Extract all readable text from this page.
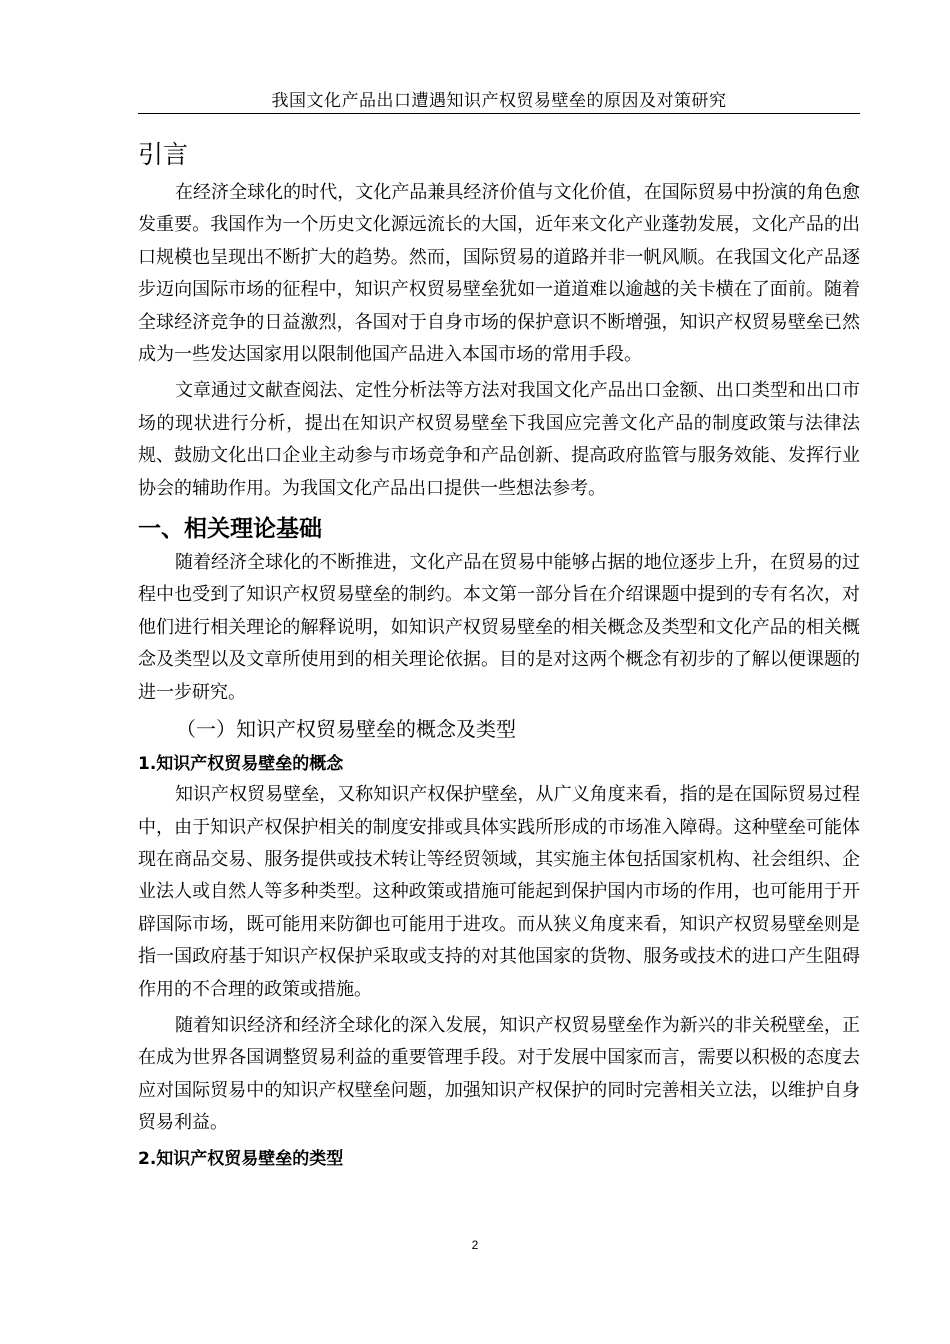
我国文化产品出口遭遇知识产权贸易壁垒的原因及对策研究
引言

在经济全球化的时代，文化产品兼具经济价值与文化价值，在国际贸易中扮演的角色愈发重要。我国作为一个历史文化源远流长的大国，近年来文化产业蓬勃发展，文化产品的出口规模也呈现出不断扩大的趋势。然而，国际贸易的道路并非一帆风顺。在我国文化产品逐步迈向国际市场的征程中，知识产权贸易壁垒犹如一道道难以逾越的关卡横在了面前。随着全球经济竞争的日益激烈，各国对于自身市场的保护意识不断增强，知识产权贸易壁垒已然成为一些发达国家用以限制他国产品进入本国市场的常用手段。

文章通过文献查阅法、定性分析法等方法对我国文化产品出口金额、出口类型和出口市场的现状进行分析，提出在知识产权贸易壁垒下我国应完善文化产品的制度政策与法律法规、鼓励文化出口企业主动参与市场竞争和产品创新、提高政府监管与服务效能、发挥行业协会的辅助作用。为我国文化产品出口提供一些想法参考。

一、相关理论基础

随着经济全球化的不断推进，文化产品在贸易中能够占据的地位逐步上升，在贸易的过程中也受到了知识产权贸易壁垒的制约。本文第一部分旨在介绍课题中提到的专有名次，对他们进行相关理论的解释说明，如知识产权贸易壁垒的相关概念及类型和文化产品的相关概念及类型以及文章所使用到的相关理论依据。目的是对这两个概念有初步的了解以便课题的进一步研究。

（一）知识产权贸易壁垒的概念及类型
1.知识产权贸易壁垒的概念

知识产权贸易壁垒，又称知识产权保护壁垒，从广义角度来看，指的是在国际贸易过程中，由于知识产权保护相关的制度安排或具体实践所形成的市场准入障碍。这种壁垒可能体现在商品交易、服务提供或技术转让等经贸领域，其实施主体包括国家机构、社会组织、企业法人或自然人等多种类型。这种政策或措施可能起到保护国内市场的作用，也可能用于开辟国际市场，既可能用来防御也可能用于进攻。而从狭义角度来看，知识产权贸易壁垒则是指一国政府基于知识产权保护采取或支持的对其他国家的货物、服务或技术的进口产生阻碍作用的不合理的政策或措施。

随着知识经济和经济全球化的深入发展，知识产权贸易壁垒作为新兴的非关税壁垒，正在成为世界各国调整贸易利益的重要管理手段。对于发展中国家而言，需要以积极的态度去应对国际贸易中的知识产权壁垒问题，加强知识产权保护的同时完善相关立法，以维护自身贸易利益。

2.知识产权贸易壁垒的类型
2
